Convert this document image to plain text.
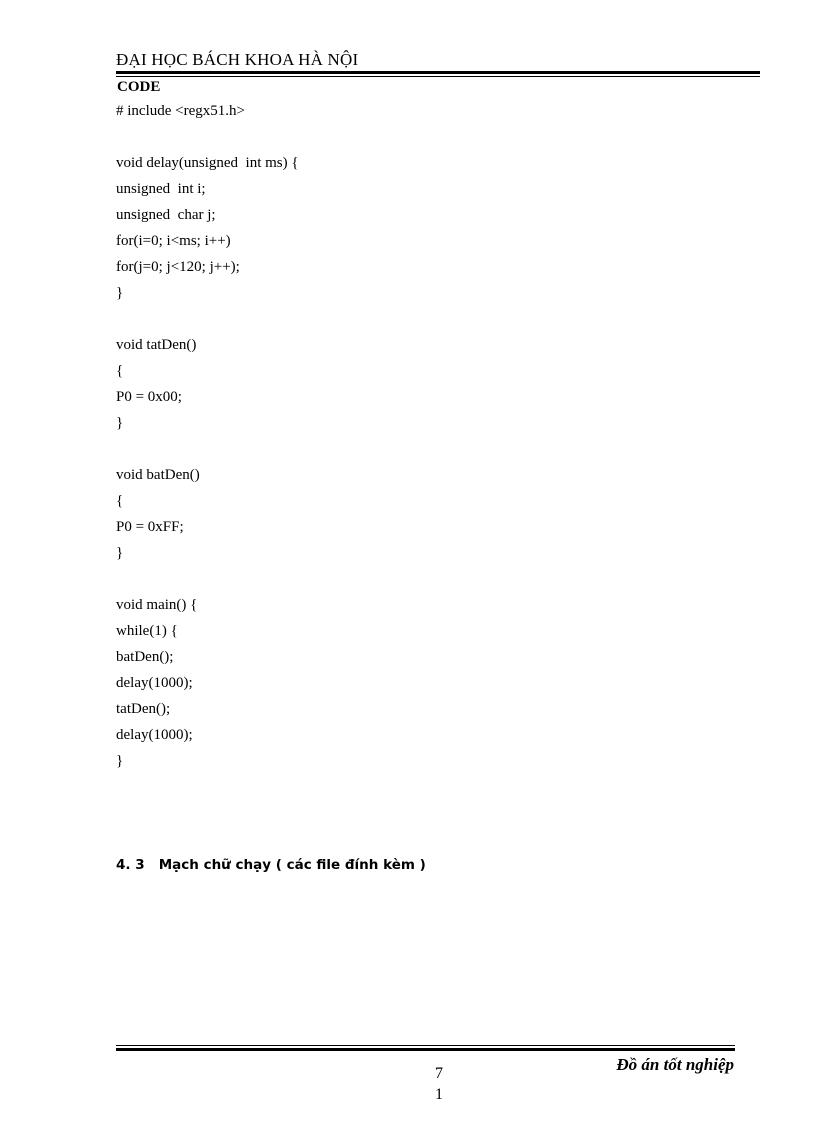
ĐẠI HỌC BÁCH KHOA HÀ NỘI
CODE
# include <regx51.h>
void delay(unsigned  int ms) {
unsigned  int i;
unsigned  char j;
for(i=0; i<ms; i++)
for(j=0; j<120; j++);
}
void tatDen()
{
P0 = 0x00;
}
void batDen()
{
P0 = 0xFF;
}
void main() {
while(1) {
batDen();
delay(1000);
tatDen();
delay(1000);
}
4. 3   Mạch chữ chạy ( các file đính kèm )
7
1
Đồ án tốt nghiệp
